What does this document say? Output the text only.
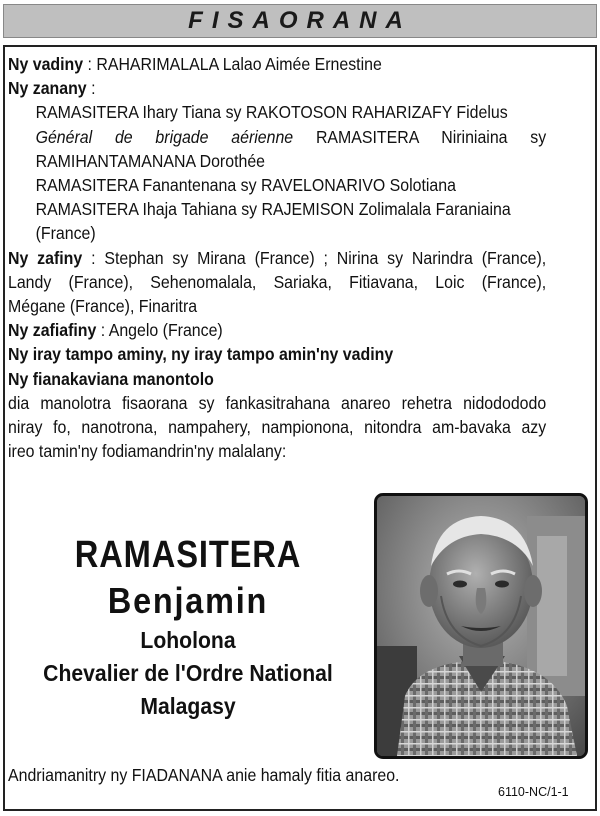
FISAORANA
Ny vadiny : RAHARIMALALA Lalao Aimée Ernestine
Ny zanany :
RAMASITERA Ihary Tiana sy RAKOTOSON RAHARIZAFY Fidelus
Général de brigade aérienne RAMASITERA Niriniaina sy
RAMIHANTAMANANA Dorothée
RAMASITERA Fanantenana sy RAVELONARIVO Solotiana
RAMASITERA Ihaja Tahiana sy RAJEMISON Zolimalala Faraniaina
(France)
Ny zafiny : Stephan sy Mirana (France) ; Nirina sy Narindra (France),
Landy (France), Sehenomalala, Sariaka, Fitiavana, Loic (France),
Mégane (France), Finaritra
Ny zafiafiny : Angelo (France)
Ny iray tampo aminy, ny iray tampo amin'ny vadiny
Ny fianakaviana manontolo
dia manolotra fisaorana sy fankasitrahana anareo rehetra nidodododo
niray fo, nanotrona, nampahery, nampionona, nitondra am-bavaka azy
ireo tamin'ny fodiamandrin'ny malalany:
RAMASITERA
Benjamin
Loholona
Chevalier de l'Ordre National
Malagasy
Andriamanitry ny FIADANANA anie hamaly fitia anareo.
6110-NC/1-1
